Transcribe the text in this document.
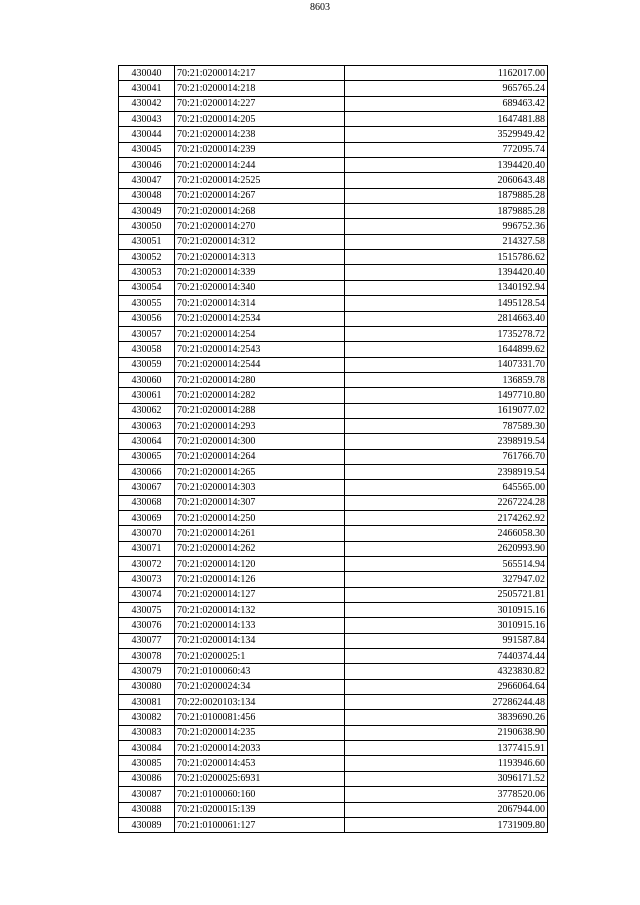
8603
430040	70:21:0200014:217	1162017.00
430041	70:21:0200014:218	965765.24
430042	70:21:0200014:227	689463.42
430043	70:21:0200014:205	1647481.88
430044	70:21:0200014:238	3529949.42
430045	70:21:0200014:239	772095.74
430046	70:21:0200014:244	1394420.40
430047	70:21:0200014:2525	2060643.48
430048	70:21:0200014:267	1879885.28
430049	70:21:0200014:268	1879885.28
430050	70:21:0200014:270	996752.36
430051	70:21:0200014:312	214327.58
430052	70:21:0200014:313	1515786.62
430053	70:21:0200014:339	1394420.40
430054	70:21:0200014:340	1340192.94
430055	70:21:0200014:314	1495128.54
430056	70:21:0200014:2534	2814663.40
430057	70:21:0200014:254	1735278.72
430058	70:21:0200014:2543	1644899.62
430059	70:21:0200014:2544	1407331.70
430060	70:21:0200014:280	136859.78
430061	70:21:0200014:282	1497710.80
430062	70:21:0200014:288	1619077.02
430063	70:21:0200014:293	787589.30
430064	70:21:0200014:300	2398919.54
430065	70:21:0200014:264	761766.70
430066	70:21:0200014:265	2398919.54
430067	70:21:0200014:303	645565.00
430068	70:21:0200014:307	2267224.28
430069	70:21:0200014:250	2174262.92
430070	70:21:0200014:261	2466058.30
430071	70:21:0200014:262	2620993.90
430072	70:21:0200014:120	565514.94
430073	70:21:0200014:126	327947.02
430074	70:21:0200014:127	2505721.81
430075	70:21:0200014:132	3010915.16
430076	70:21:0200014:133	3010915.16
430077	70:21:0200014:134	991587.84
430078	70:21:0200025:1	7440374.44
430079	70:21:0100060:43	4323830.82
430080	70:21:0200024:34	2966064.64
430081	70:22:0020103:134	27286244.48
430082	70:21:0100081:456	3839690.26
430083	70:21:0200014:235	2190638.90
430084	70:21:0200014:2033	1377415.91
430085	70:21:0200014:453	1193946.60
430086	70:21:0200025:6931	3096171.52
430087	70:21:0100060:160	3778520.06
430088	70:21:0200015:139	2067944.00
430089	70:21:0100061:127	1731909.80
